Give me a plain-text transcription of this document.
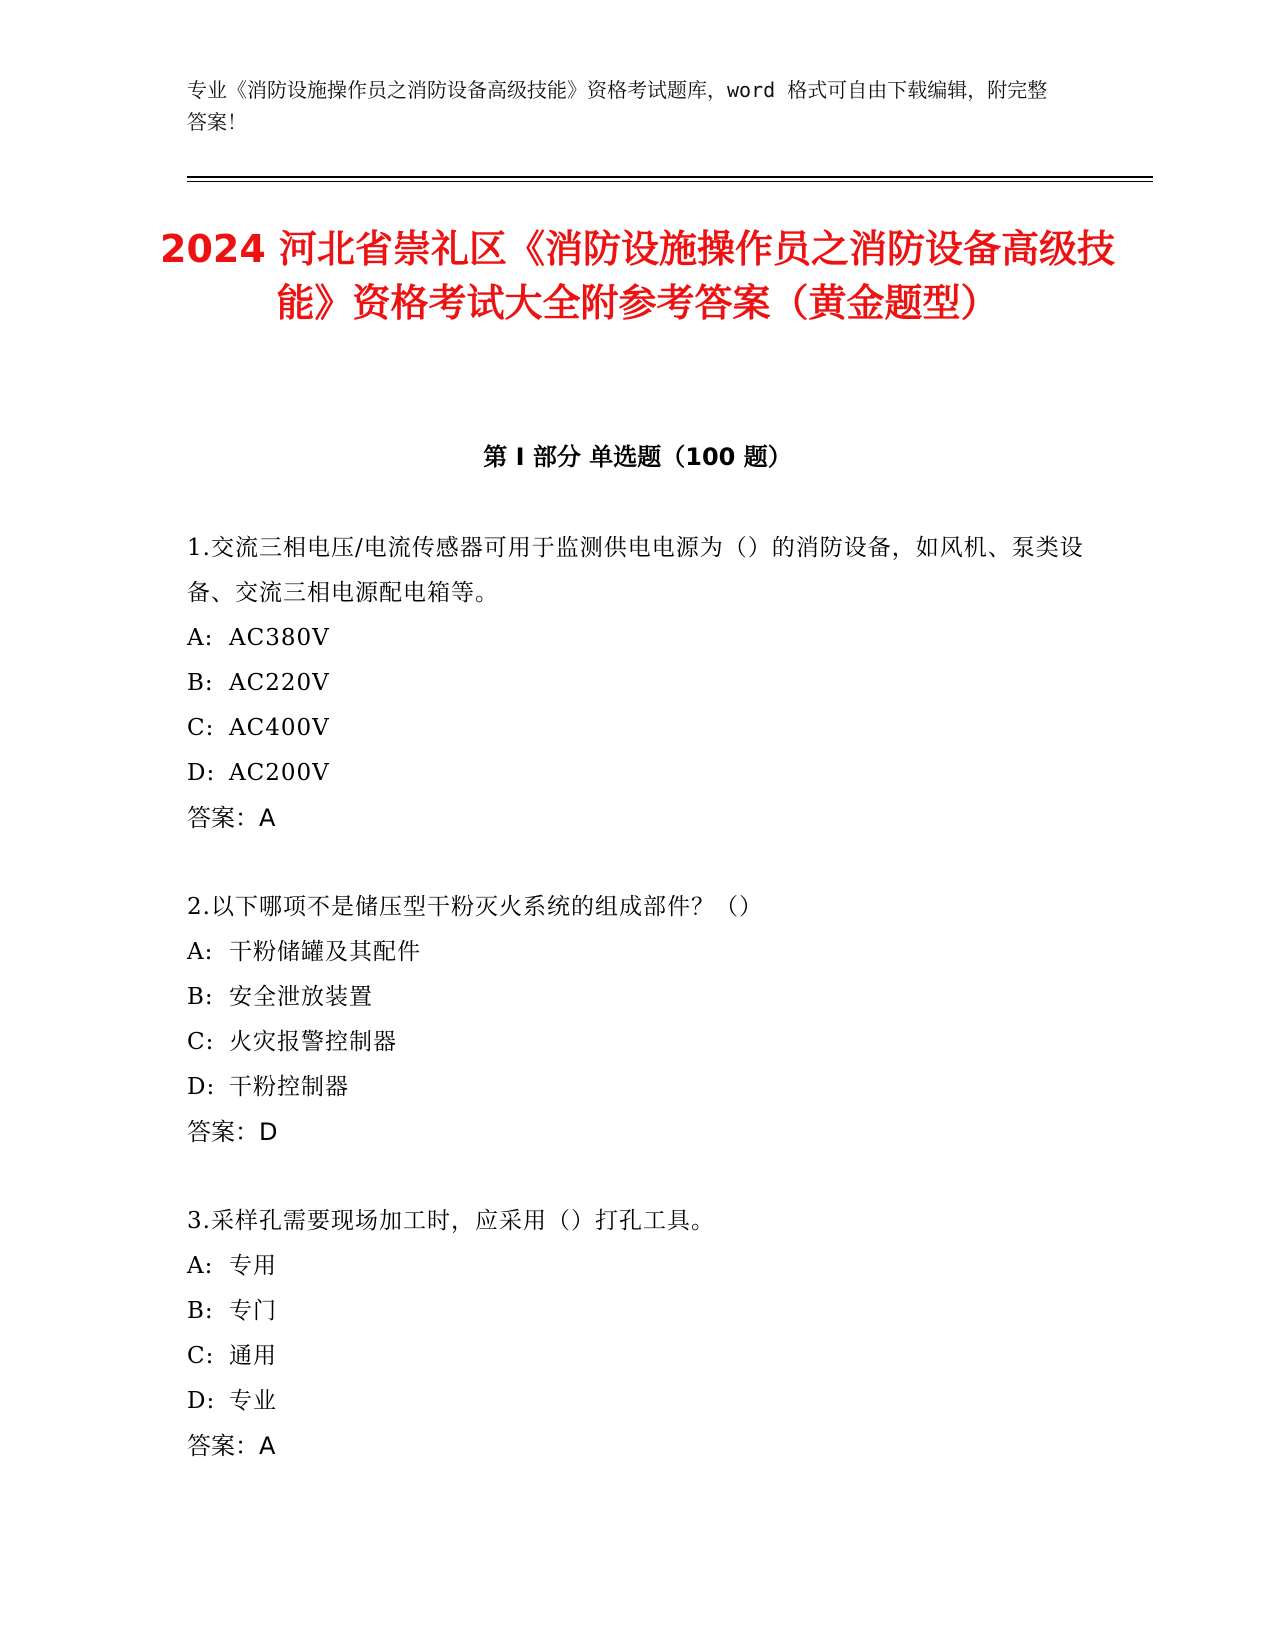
专业《消防设施操作员之消防设备高级技能》资格考试题库，word 格式可自由下载编辑，附完整答案！
2024 河北省崇礼区《消防设施操作员之消防设备高级技能》资格考试大全附参考答案（黄金题型）
第 I 部分 单选题（100 题）
1.交流三相电压/电流传感器可用于监测供电电源为（）的消防设备，如风机、泵类设备、交流三相电源配电箱等。
A: AC380V
B: AC220V
C: AC400V
D: AC200V
答案：A
2.以下哪项不是储压型干粉灭火系统的组成部件？（）
A: 干粉储罐及其配件
B: 安全泄放装置
C: 火灾报警控制器
D: 干粉控制器
答案：D
3.采样孔需要现场加工时，应采用（）打孔工具。
A: 专用
B: 专门
C: 通用
D: 专业
答案：A
